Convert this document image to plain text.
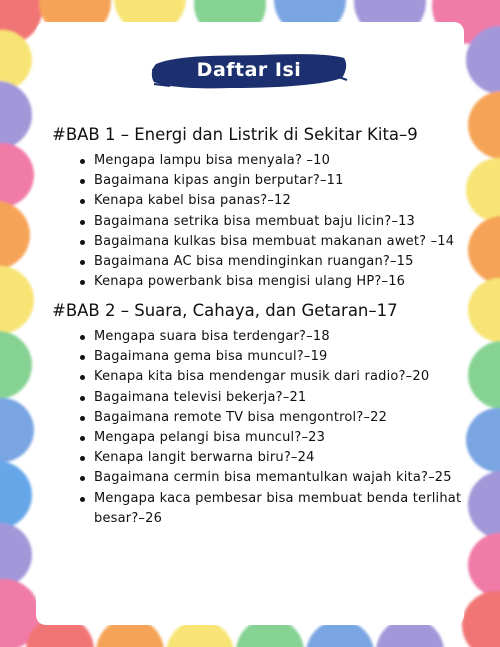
Daftar Isi
#BAB 1 – Energi dan Listrik di Sekitar Kita–9
Mengapa lampu bisa menyala? –10
Bagaimana kipas angin berputar?–11
Kenapa kabel bisa panas?–12
Bagaimana setrika bisa membuat baju licin?–13
Bagaimana kulkas bisa membuat makanan awet? –14
Bagaimana AC bisa mendinginkan ruangan?–15
Kenapa powerbank bisa mengisi ulang HP?–16
#BAB 2 – Suara, Cahaya, dan Getaran–17
Mengapa suara bisa terdengar?–18
Bagaimana gema bisa muncul?–19
Kenapa kita bisa mendengar musik dari radio?–20
Bagaimana televisi bekerja?–21
Bagaimana remote TV bisa mengontrol?–22
Mengapa pelangi bisa muncul?–23
Kenapa langit berwarna biru?–24
Bagaimana cermin bisa memantulkan wajah kita?–25
Mengapa kaca pembesar bisa membuat benda terlihat besar?–26
